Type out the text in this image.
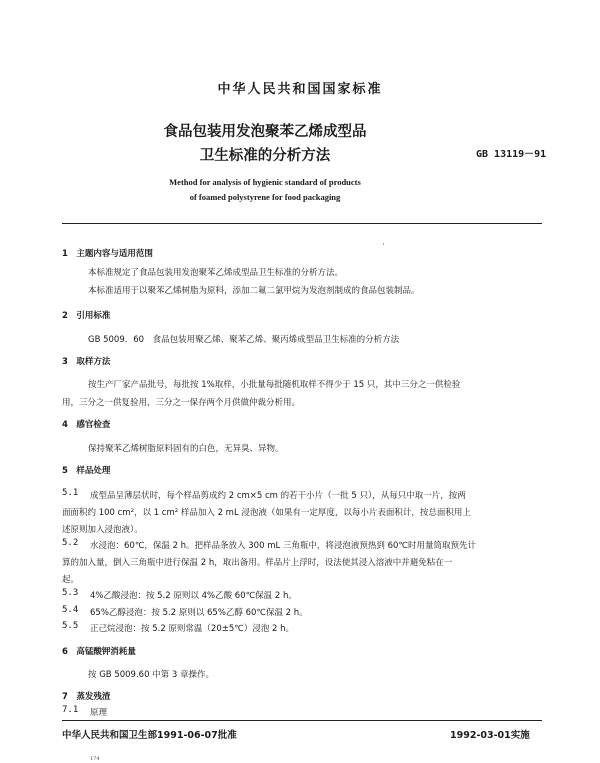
中华人民共和国国家标准
食品包装用发泡聚苯乙烯成型品
卫生标准的分析方法	GB 13119－91
Method for analysis of hygienic standard of products
of foamed polystyrene for food packaging
·
1　主题内容与适用范围
本标准规定了食品包装用发泡聚苯乙烯成型品卫生标准的分析方法。
本标准适用于以聚苯乙烯树脂为原料，添加二氟二氯甲烷为发泡剂制成的食品包装制品。
2　引用标准
GB 5009．60　食品包装用聚乙烯、聚苯乙烯、聚丙烯成型品卫生标准的分析方法
3　取样方法
按生产厂家产品批号，每批按 1%取样，小批量每批随机取样不得少于 15 只，其中三分之一供检验
用，三分之一供复验用，三分之一保存两个月供做仲裁分析用。
4　感官检查
保持聚苯乙烯树脂原料固有的白色，无异臭、异物。
5　样品处理
5.1 成型品呈薄层状时，每个样品剪成约 2 cm×5 cm 的若干小片（一批 5 只），从每只中取一片，按两
面面积约 100 cm²，以 1 cm² 样品加入 2 mL 浸泡液（如果有一定厚度，以每小片表面积计，按总面积用上
述原则加入浸泡液）。
5.2 水浸泡：60℃，保温 2 h。把样品条放入 300 mL 三角瓶中，将浸泡液预热到 60℃时用量筒取预先计
算的加入量，倒入三角瓶中进行保温 2 h，取出备用。样品片上浮时，设法使其浸入溶液中并避免粘在一
起。
5.3 4%乙酸浸泡：按 5.2 原则以 4%乙酸 60℃保温 2 h。
5.4 65%乙醇浸泡：按 5.2 原则以 65%乙醇 60℃保温 2 h。
5.5 正己烷浸泡：按 5.2 原则常温（20±5℃）浸泡 2 h。
6　高锰酸钾消耗量
按 GB 5009.60 中第 3 章操作。
7　蒸发残渣
7.1 原理
中华人民共和国卫生部1991-06-07批准	1992-03-01实施
174
